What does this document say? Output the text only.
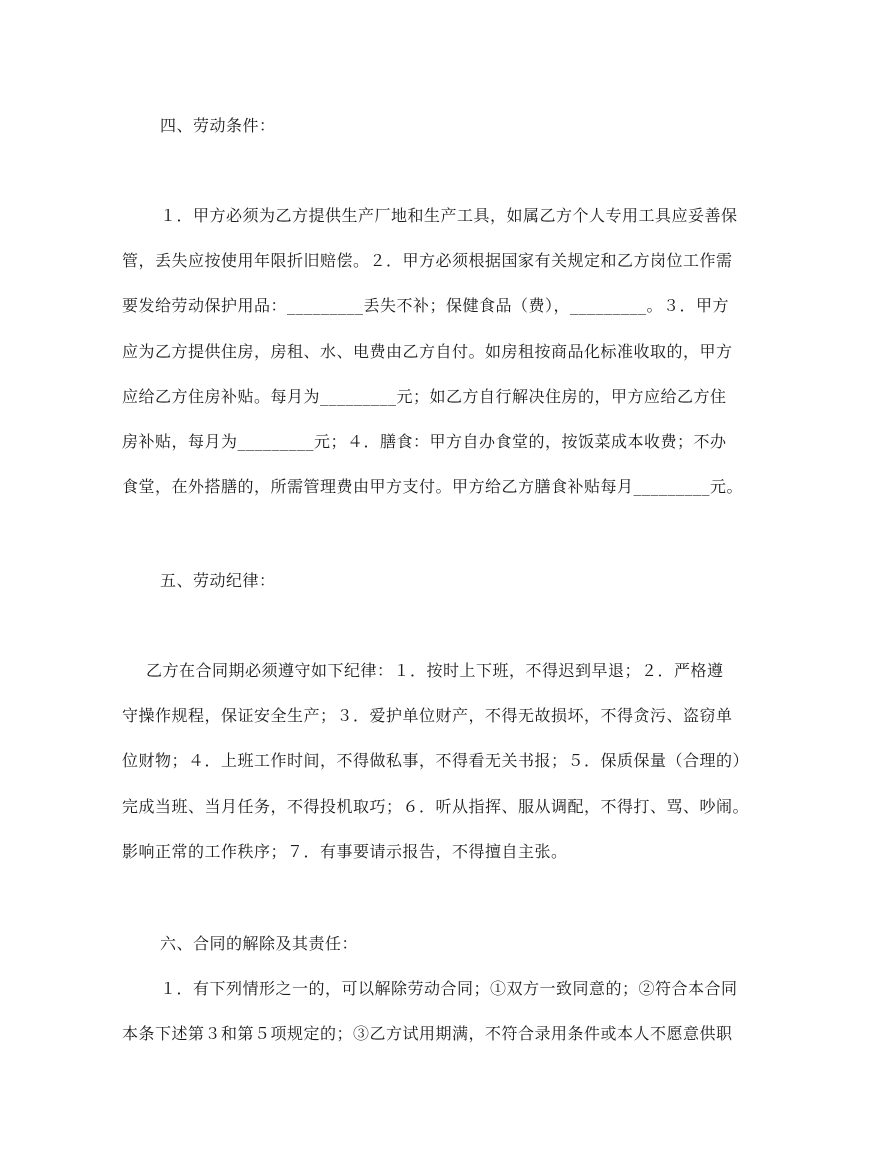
四、劳动条件：
１．甲方必须为乙方提供生产厂地和生产工具，如属乙方个人专用工具应妥善保
管，丢失应按使用年限折旧赔偿。２．甲方必须根据国家有关规定和乙方岗位工作需
要发给劳动保护用品：_________丢失不补；保健食品（费），_________。３．甲方
应为乙方提供住房，房租、水、电费由乙方自付。如房租按商品化标准收取的，甲方
应给乙方住房补贴。每月为_________元；如乙方自行解决住房的，甲方应给乙方住
房补贴，每月为_________元；４．膳食：甲方自办食堂的，按饭菜成本收费；不办
食堂，在外搭膳的，所需管理费由甲方支付。甲方给乙方膳食补贴每月_________元。
五、劳动纪律：
乙方在合同期必须遵守如下纪律：１．按时上下班，不得迟到早退；２．严格遵
守操作规程，保证安全生产；３．爱护单位财产，不得无故损坏，不得贪污、盗窃单
位财物；４．上班工作时间，不得做私事，不得看无关书报；５．保质保量（合理的）
完成当班、当月任务，不得投机取巧；６．听从指挥、服从调配，不得打、骂、吵闹。
影响正常的工作秩序；７．有事要请示报告，不得擅自主张。
六、合同的解除及其责任：
１．有下列情形之一的，可以解除劳动合同；①双方一致同意的；②符合本合同
本条下述第３和第５项规定的；③乙方试用期满，不符合录用条件或本人不愿意供职
